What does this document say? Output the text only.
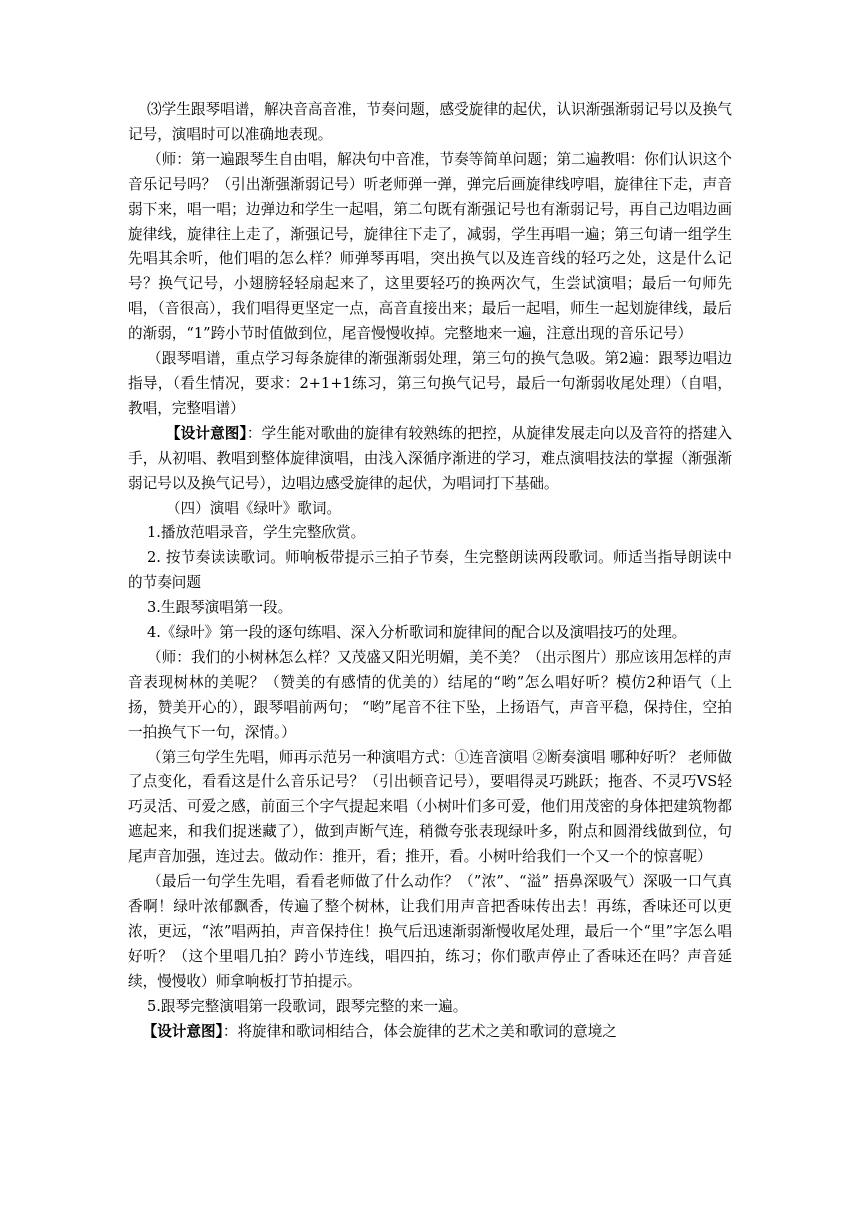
⑶学生跟琴唱谱，解决音高音准，节奏问题，感受旋律的起伏，认识渐强渐弱记号以及换气记号，演唱时可以准确地表现。

（师：第一遍跟琴生自由唱，解决句中音准，节奏等简单问题；第二遍教唱：你们认识这个音乐记号吗？（引出渐强渐弱记号）听老师弹一弹，弹完后画旋律线哼唱，旋律往下走，声音弱下来，唱一唱；边弹边和学生一起唱，第二句既有渐强记号也有渐弱记号，再自己边唱边画旋律线，旋律往上走了，渐强记号，旋律往下走了，减弱，学生再唱一遍；第三句请一组学生先唱其余听，他们唱的怎么样？师弹琴再唱，突出换气以及连音线的轻巧之处，这是什么记号？换气记号，小翅膀轻轻扇起来了，这里要轻巧的换两次气，生尝试演唱；最后一句师先唱，（音很高），我们唱得更坚定一点，高音直接出来；最后一起唱，师生一起划旋律线，最后的渐弱，“1”跨小节时值做到位，尾音慢慢收掉。完整地来一遍，注意出现的音乐记号）

（跟琴唱谱，重点学习每条旋律的渐强渐弱处理，第三句的换气急吸。第2遍：跟琴边唱边指导，（看生情况，要求：2+1+1练习，第三句换气记号，最后一句渐弱收尾处理）（自唱，教唱，完整唱谱）

【设计意图】：学生能对歌曲的旋律有较熟练的把控，从旋律发展走向以及音符的搭建入手，从初唱、教唱到整体旋律演唱，由浅入深循序渐进的学习，难点演唱技法的掌握（渐强渐弱记号以及换气记号），边唱边感受旋律的起伏，为唱词打下基础。

（四）演唱《绿叶》歌词。

1.播放范唱录音，学生完整欣赏。

2. 按节奏读读歌词。师响板带提示三拍子节奏，生完整朗读两段歌词。师适当指导朗读中的节奏问题

3.生跟琴演唱第一段。

4.《绿叶》第一段的逐句练唱、深入分析歌词和旋律间的配合以及演唱技巧的处理。

（师：我们的小树林怎么样？又茂盛又阳光明媚，美不美？（出示图片）那应该用怎样的声音表现树林的美呢？（赞美的有感情的优美的）结尾的“哟”怎么唱好听？模仿2种语气（上扬，赞美开心的），跟琴唱前两句； “哟”尾音不往下坠，上扬语气，声音平稳，保持住，空拍一拍换气下一句，深情。）

（第三句学生先唱，师再示范另一种演唱方式：①连音演唱 ②断奏演唱 哪种好听？ 老师做了点变化，看看这是什么音乐记号？（引出顿音记号），要唱得灵巧跳跃；拖沓、不灵巧VS轻巧灵活、可爱之感，前面三个字气提起来唱（小树叶们多可爱，他们用茂密的身体把建筑物都遮起来，和我们捉迷藏了），做到声断气连，稍微夸张表现绿叶多，附点和圆滑线做到位，句尾声音加强，连过去。做动作：推开，看；推开，看。小树叶给我们一个又一个的惊喜呢）

（最后一句学生先唱，看看老师做了什么动作？（”浓”、“溢” 捂鼻深吸气）深吸一口气真香啊！绿叶浓郁飘香，传遍了整个树林，让我们用声音把香味传出去！再练，香味还可以更浓，更远，“浓”唱两拍，声音保持住！换气后迅速渐弱渐慢收尾处理，最后一个“里”字怎么唱好听？（这个里唱几拍？跨小节连线，唱四拍，练习；你们歌声停止了香味还在吗？声音延续，慢慢收）师拿响板打节拍提示。

5.跟琴完整演唱第一段歌词，跟琴完整的来一遍。

【设计意图】：将旋律和歌词相结合，体会旋律的艺术之美和歌词的意境之
